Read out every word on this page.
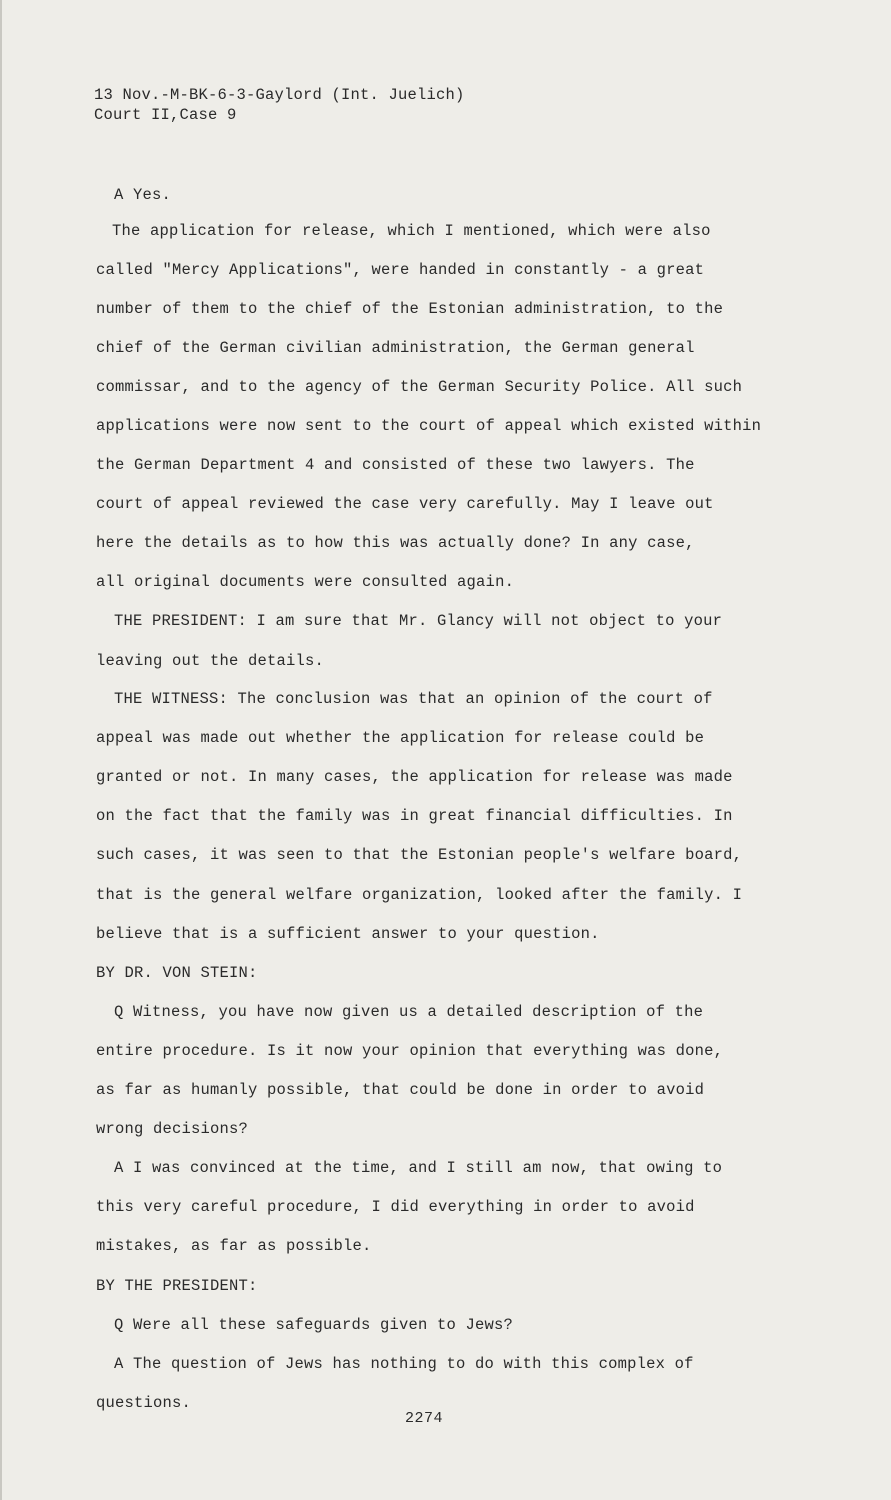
13 Nov.-M-BK-6-3-Gaylord (Int. Juelich)
Court II,Case 9
A Yes.
The application for release, which I mentioned, which were also
called "Mercy Applications", were handed in constantly - a great
number of them to the chief of the Estonian administration, to the
chief of the German civilian administration, the German general
commissar, and to the agency of the German Security Police. All such
applications were now sent to the court of appeal which existed within
the German Department 4 and consisted of these two lawyers. The
court of appeal reviewed the case very carefully. May I leave out
here the details as to how this was actually done? In any case,
all original documents were consulted again.
THE PRESIDENT: I am sure that Mr. Glancy will not object to your
leaving out the details.
THE WITNESS: The conclusion was that an opinion of the court of
appeal was made out whether the application for release could be
granted or not. In many cases, the application for release was made
on the fact that the family was in great financial difficulties. In
such cases, it was seen to that the Estonian people's welfare board,
that is the general welfare organization, looked after the family. I
believe that is a sufficient answer to your question.
BY DR. VON STEIN:
Q Witness, you have now given us a detailed description of the
entire procedure. Is it now your opinion that everything was done,
as far as humanly possible, that could be done in order to avoid
wrong decisions?
A I was convinced at the time, and I still am now, that owing to
this very careful procedure, I did everything in order to avoid
mistakes, as far as possible.
BY THE PRESIDENT:
Q Were all these safeguards given to Jews?
A The question of Jews has nothing to do with this complex of
questions.
2274
